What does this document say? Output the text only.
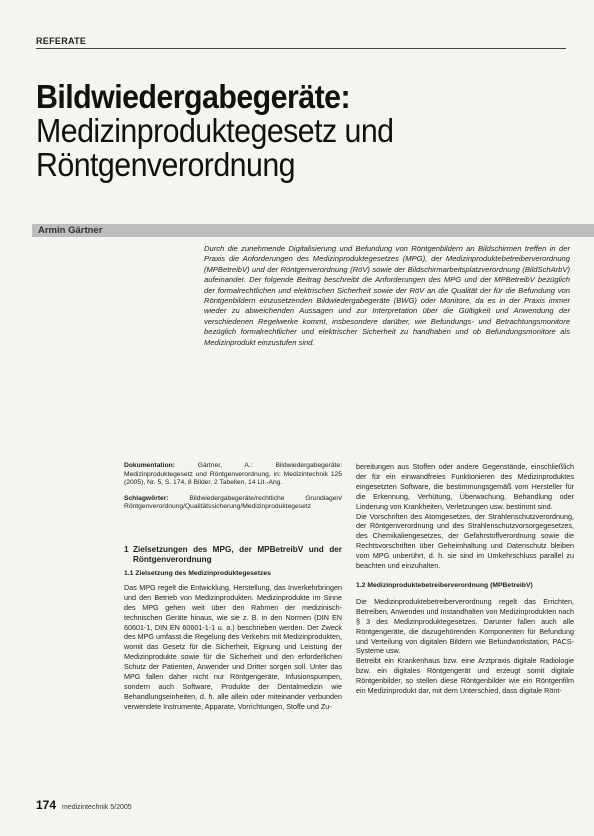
REFERATE
Bildwiedergabegeräte:
Medizinproduktegesetz und
Röntgenverordnung
Armin Gärtner

Durch die zunehmende Digitalisierung und Befundung von Röntgenbildern an Bildschirmen treffen in der Praxis die Anforderungen des Medizinproduktegesetzes (MPG), der Medizinproduktebetreiberverordnung (MPBetreibV) und der Röntgenverordnung (RöV) sowie der Bildschirmarbeitsplatzverordnung (BildSchArbV) aufeinander. Der folgende Beitrag beschreibt die Anforderungen des MPG und der MPBetreibV bezüglich der formalrechtlichen und elektrischen Sicherheit sowie der RöV an die Qualität der für die Befundung von Röntgenbildern einzusetzenden Bildwiedergabegeräte (BWG) oder Monitore, da es in der Praxis immer wieder zu abweichenden Aussagen und zur Interpretation über die Gültigkeit und Anwendung der verschiedenen Regelwerke kommt, insbesondere darüber, wie Befundungs- und Betrachtungsmonitore bezüglich formalrechtlicher und elektrischer Sicherheit zu handhaben und ob Befundungsmonitore als Medizinprodukt einzustufen sind.

Dokumentation:	Gärtner, A.: Bildwiedergabegeräte: Medizinproduktegesetz und Röntgenverordnung, in: Medizintechnik 125 (2005), Nr. 5, S. 174, 8 Bilder, 2 Tabellen, 14 Lit.-Ang.

Schlagwörter:	Bildwiedergabegeräte/rechtliche Grundlagen/ Röntgenverordnung/Qualitätssicherung/Medizinproduktegesetz

1 Zielsetzungen des MPG, der MPBetreibV und der Röntgenverordnung
1.1 Zielsetzung des Medizinproduktegesetzes

Das MPG regelt die Entwicklung, Herstellung, das Inverkehrbringen und den Betrieb von Medizinprodukten. Medizinprodukte im Sinne des MPG gehen weit über den Rahmen der medizinisch-technischen Geräte hinaus, wie sie z. B. in den Normen (DIN EN 60601-1, DIN EN 60601-1-1 u. a.) beschrieben werden. Der Zweck des MPG umfasst die Regelung des Verkehrs mit Medizinprodukten, womit das Gesetz für die Sicherheit, Eignung und Leistung der Medizinprodukte sowie für die Sicherheit und den erforderlichen Schutz der Patienten, Anwender und Dritter sorgen soll. Unter das MPG fallen daher nicht nur Röntgengeräte, Infusionspumpen, sondern auch Software, Produkte der Dentalmedizin wie Behandlungseinheiten, d. h. alle allein oder miteinander verbunden verwendete Instrumente, Apparate, Vorrichtungen, Stoffe und Zu-

bereitungen aus Stoffen oder andere Gegenstände, einschließlich der für ein einwandfreies Funktionieren des Medizinproduktes eingesetzten Software, die bestimmungsgemäß vom Hersteller für die Erkennung, Verhütung, Überwachung, Behandlung oder Linderung von Krankheiten, Verletzungen usw. bestimmt sind.

Die Vorschriften des Atomgesetzes, der Strahlenschutzverordnung, der Röntgenverordnung und des Strahlenschutzvorsorgegesetzes, des Chemikaliengesetzes, der Gefahrstoffverordnung sowie die Rechtsvorschriften über Geheimhaltung und Datenschutz bleiben vom MPG unberührt, d. h. sie sind im Umkehrschluss parallel zu beachten und einzuhalten.

1.2 Medizinproduktebetreiberverordnung (MPBetreibV)

Die Medizinproduktebetreiberverordnung regelt das Errichten, Betreiben, Anwenden und Instandhalten von Medizinprodukten nach § 3 des Medizinproduktegesetzes. Darunter fallen auch alle Röntgengeräte, die dazugehörenden Komponenten für Befundung und Verteilung von digitalen Bildern wie Befundworkstation, PACS-Systeme usw.

Betreibt ein Krankenhaus bzw. eine Arztpraxis digitale Radiologie bzw. ein digitales Röntgengerät und erzeugt somit digitale Röntgenbilder, so stellen diese Röntgenbilder wie ein Röntgenfilm ein Medizinprodukt dar, mit dem Unterschied, dass digitale Rönt-

174 medizintechnik 5/2005
